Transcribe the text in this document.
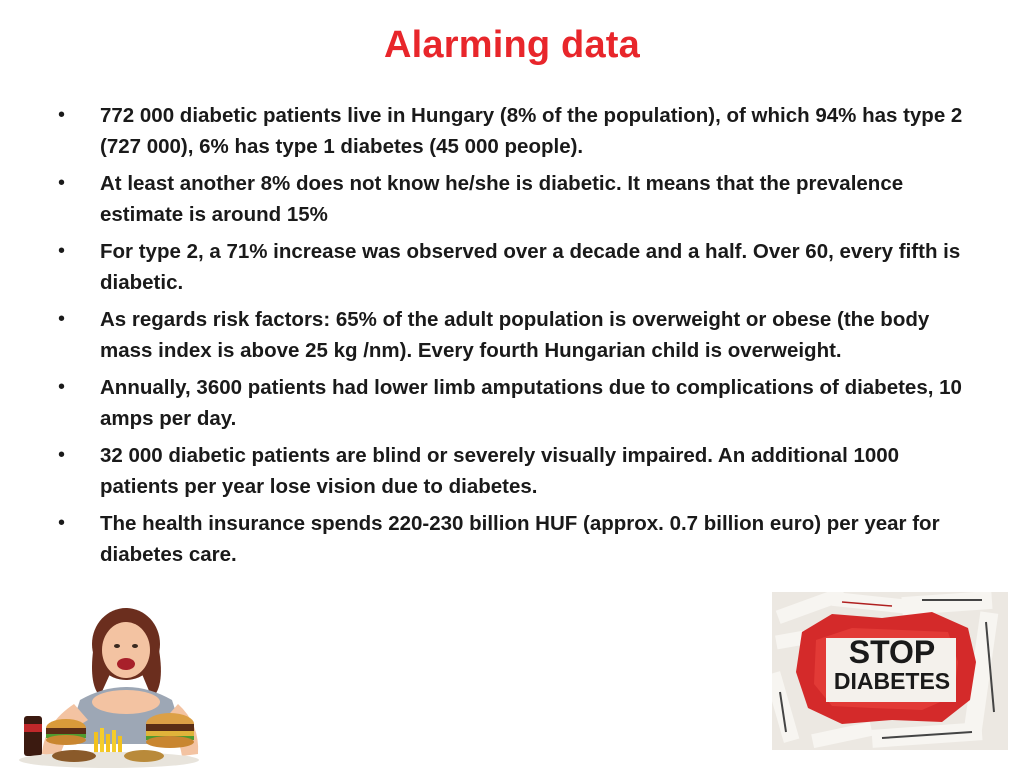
Alarming data
• 772 000 diabetic patients live in Hungary (8% of the population), of which 94% has type 2 (727 000), 6% has type 1 diabetes (45 000 people).
• At least another 8% does not know he/she is diabetic. It means that the prevalence estimate is around 15%
• For type 2, a 71% increase was observed over a decade and a half. Over 60, every fifth is diabetic.
• As regards risk factors: 65% of the adult population is overweight or obese (the body mass index is above 25 kg /nm). Every fourth Hungarian child is overweight.
• Annually, 3600 patients had lower limb amputations due to complications of diabetes, 10 amps per day.
• 32 000 diabetic patients are blind or severely visually impaired. An additional 1000 patients per year lose vision due to diabetes.
• The health insurance spends 220-230 billion HUF (approx. 0.7 billion euro) per year for diabetes care.
STOP
DIABETES
